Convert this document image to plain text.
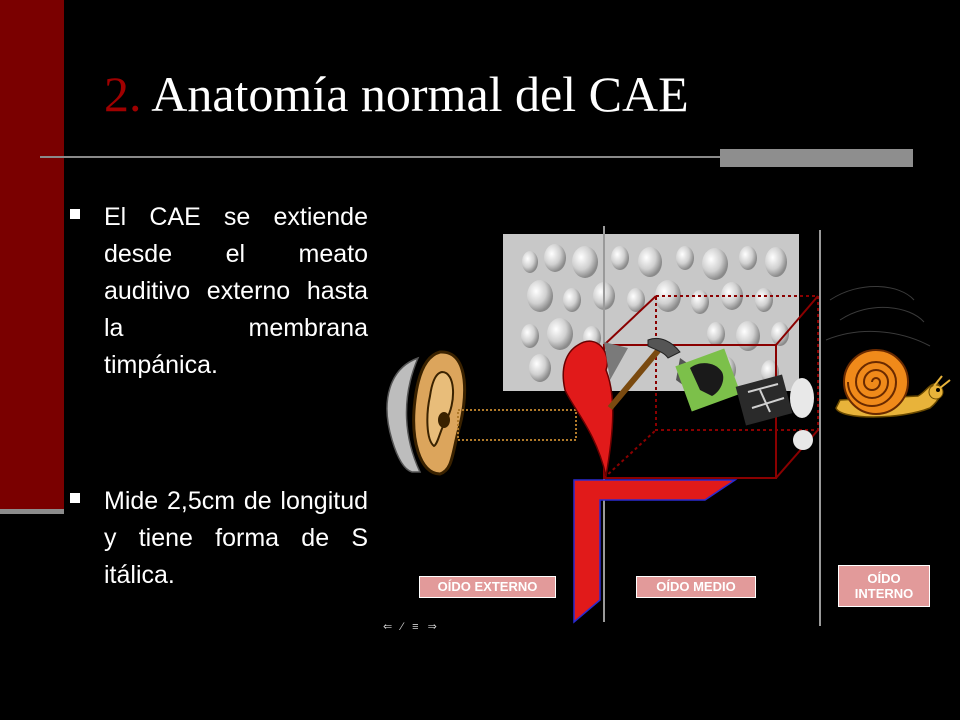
2. Anatomía normal del CAE
El CAE se extiende desde el meato auditivo externo hasta la membrana timpánica.
Mide 2,5cm de longitud y tiene forma de S itálica.	OÍDO EXTERNO	OÍDO MEDIO
OÍDO INTERNO
⇐ ∕ ≡ ⇒
